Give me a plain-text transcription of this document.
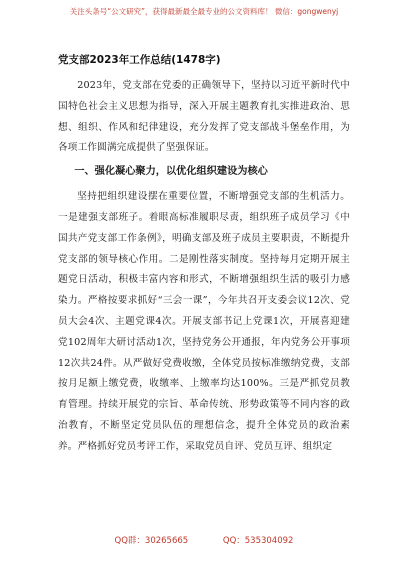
关注头条号“公文研究”，获得最新最全最专业的公文资料库！ 微信：gongwenyj
党支部2023年工作总结(1478字)

2023年，党支部在党委的正确领导下，坚持以习近平新时代中国特色社会主义思想为指导，深入开展主题教育扎实推进政治、思想、组织、作风和纪律建设，充分发挥了党支部战斗堡垒作用，为各项工作圆满完成提供了坚强保证。

一、强化凝心聚力，以优化组织建设为核心

坚持把组织建设摆在重要位置，不断增强党支部的生机活力。一是建强支部班子。着眼高标准履职尽责，组织班子成员学习《中国共产党支部工作条例》，明确支部及班子成员主要职责，不断提升党支部的领导核心作用。二是刚性落实制度。坚持每月定期开展主题党日活动，积极丰富内容和形式，不断增强组织生活的吸引力感染力。严格按要求抓好“三会一课”，今年共召开支委会议12次、党员大会4次、主题党课4次。开展支部书记上党课1次，开展喜迎建党102周年大研讨活动1次，坚持党务公开通报，年内党务公开事项12次共24件。从严做好党费收缴，全体党员按标准缴纳党费，支部按月足额上缴党费，收缴率、上缴率均达100%。三是严抓党员教育管理。持续开展党的宗旨、革命传统、形势政策等不同内容的政治教育，不断坚定党员队伍的理想信念，提升全体党员的政治素养。严格抓好党员考评工作，采取党员自评、党员互评、组织定

QQ群：30265665	QQ：535304092
